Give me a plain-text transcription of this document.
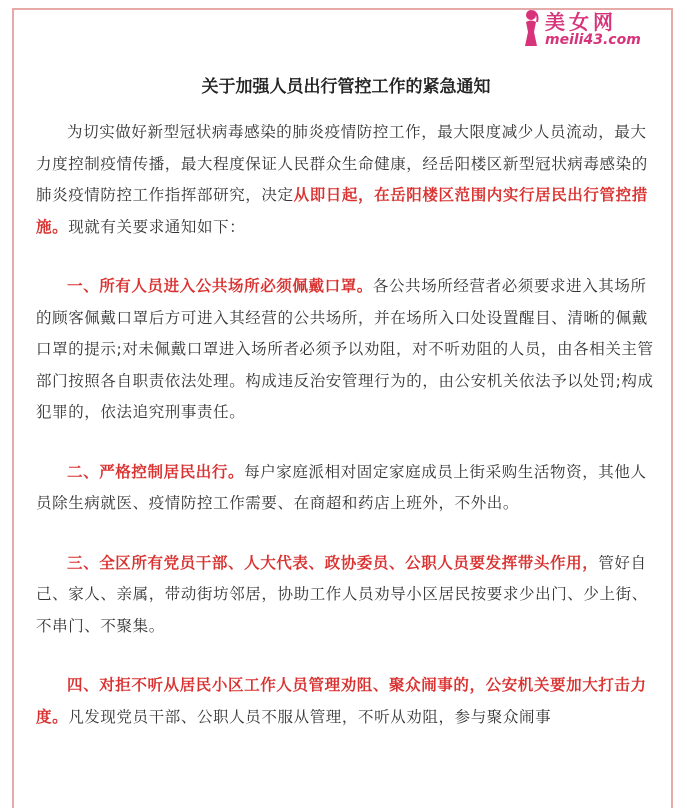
美女网
meili43.com
关于加强人员出行管控工作的紧急通知

为切实做好新型冠状病毒感染的肺炎疫情防控工作，最大限度减少人员流动，最大力度控制疫情传播，最大程度保证人民群众生命健康，经岳阳楼区新型冠状病毒感染的肺炎疫情防控工作指挥部研究，决定从即日起，在岳阳楼区范围内实行居民出行管控措施。现就有关要求通知如下：

一、所有人员进入公共场所必须佩戴口罩。各公共场所经营者必须要求进入其场所的顾客佩戴口罩后方可进入其经营的公共场所，并在场所入口处设置醒目、清晰的佩戴口罩的提示;对未佩戴口罩进入场所者必须予以劝阻，对不听劝阻的人员，由各相关主管部门按照各自职责依法处理。构成违反治安管理行为的，由公安机关依法予以处罚;构成犯罪的，依法追究刑事责任。

二、严格控制居民出行。每户家庭派相对固定家庭成员上街采购生活物资，其他人员除生病就医、疫情防控工作需要、在商超和药店上班外，不外出。

三、全区所有党员干部、人大代表、政协委员、公职人员要发挥带头作用，管好自己、家人、亲属，带动街坊邻居，协助工作人员劝导小区居民按要求少出门、少上街、不串门、不聚集。

四、对拒不听从居民小区工作人员管理劝阻、聚众闹事的，公安机关要加大打击力度。凡发现党员干部、公职人员不服从管理，不听从劝阻，参与聚众闹事
